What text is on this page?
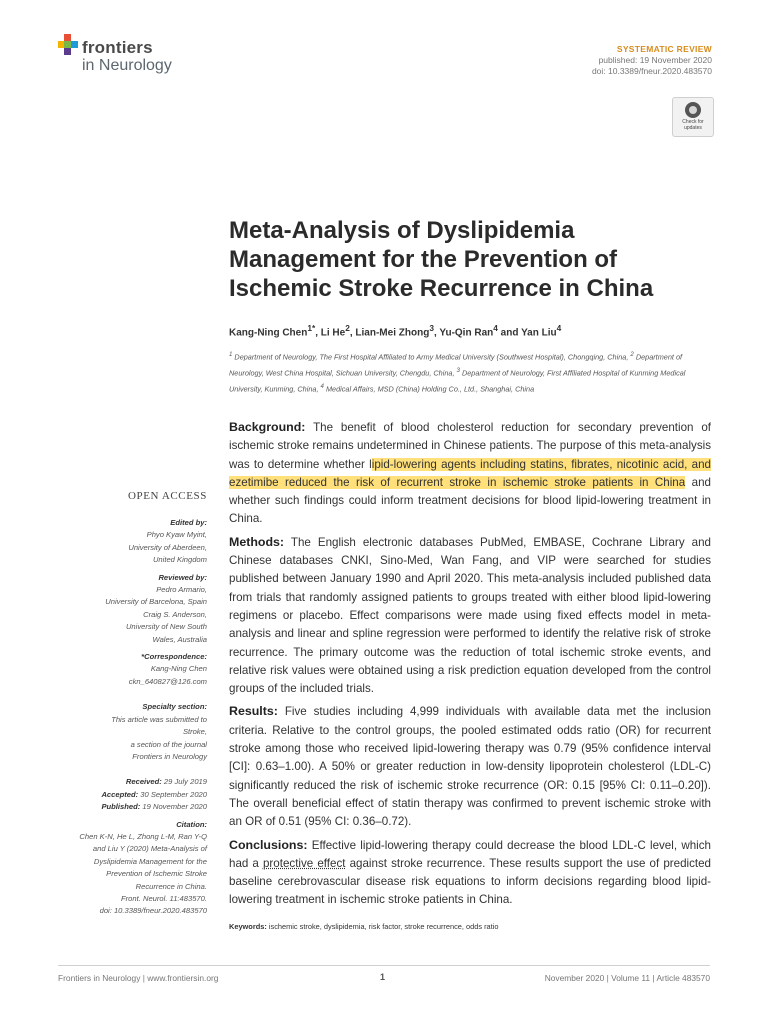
frontiers
in Neurology
SYSTEMATIC REVIEW
published: 19 November 2020
doi: 10.3389/fneur.2020.483570
Check for updates
Meta-Analysis of Dyslipidemia Management for the Prevention of Ischemic Stroke Recurrence in China
Kang-Ning Chen$^{1*}$, Li He$^2$, Lian-Mei Zhong$^3$, Yu-Qin Ran$^4$ and Yan Liu$^4$
$^1$ Department of Neurology, The First Hospital Affiliated to Army Medical University (Southwest Hospital), Chongqing, China, $^2$ Department of Neurology, West China Hospital, Sichuan University, Chengdu, China, $^3$ Department of Neurology, First Affiliated Hospital of Kunming Medical University, Kunming, China, $^4$ Medical Affairs, MSD (China) Holding Co., Ltd., Shanghai, China
OPEN ACCESS
Edited by:
Phyo Kyaw Myint,
University of Aberdeen,
United Kingdom
Reviewed by:
Pedro Armario,
University of Barcelona, Spain
Craig S. Anderson,
University of New South
Wales, Australia
*Correspondence:
Kang-Ning Chen
ckn_640827@126.com
Specialty section:
This article was submitted to
Stroke,
a section of the journal
Frontiers in Neurology
Received: 29 July 2019
Accepted: 30 September 2020
Published: 19 November 2020
Citation:
Chen K-N, He L, Zhong L-M, Ran Y-Q
and Liu Y (2020) Meta-Analysis of
Dyslipidemia Management for the
Prevention of Ischemic Stroke
Recurrence in China.
Front. Neurol. 11:483570.
doi: 10.3389/fneur.2020.483570

Background: The benefit of blood cholesterol reduction for secondary prevention of ischemic stroke remains undetermined in Chinese patients. The purpose of this meta-analysis was to determine whether lipid-lowering agents including statins, fibrates, nicotinic acid, and ezetimibe reduced the risk of recurrent stroke in ischemic stroke patients in China and whether such findings could inform treatment decisions for blood lipid-lowering treatment in China.

Methods: The English electronic databases PubMed, EMBASE, Cochrane Library and Chinese databases CNKI, Sino-Med, Wan Fang, and VIP were searched for studies published between January 1990 and April 2020. This meta-analysis included published data from trials that randomly assigned patients to groups treated with either blood lipid-lowering regimens or placebo. Effect comparisons were made using fixed effects model in meta-analysis and linear and spline regression were performed to identify the relative risk of stroke recurrence. The primary outcome was the reduction of total ischemic stroke events, and relative risk values were obtained using a risk prediction equation developed from the control groups of the included trials.

Results: Five studies including 4,999 individuals with available data met the inclusion criteria. Relative to the control groups, the pooled estimated odds ratio (OR) for recurrent stroke among those who received lipid-lowering therapy was 0.79 (95% confidence interval [CI]: 0.63–1.00). A 50% or greater reduction in low-density lipoprotein cholesterol (LDL-C) significantly reduced the risk of ischemic stroke recurrence (OR: 0.15 [95% CI: 0.11–0.20]). The overall beneficial effect of statin therapy was confirmed to prevent ischemic stroke with an OR of 0.51 (95% CI: 0.36–0.72).

Conclusions: Effective lipid-lowering therapy could decrease the blood LDL-C level, which had a protective effect against stroke recurrence. These results support the use of predicted baseline cerebrovascular disease risk equations to inform decisions regarding blood lipid-lowering treatment in ischemic stroke patients in China.

Keywords: ischemic stroke, dyslipidemia, risk factor, stroke recurrence, odds ratio
Frontiers in Neurology | www.frontiersin.org	1	November 2020 | Volume 11 | Article 483570
